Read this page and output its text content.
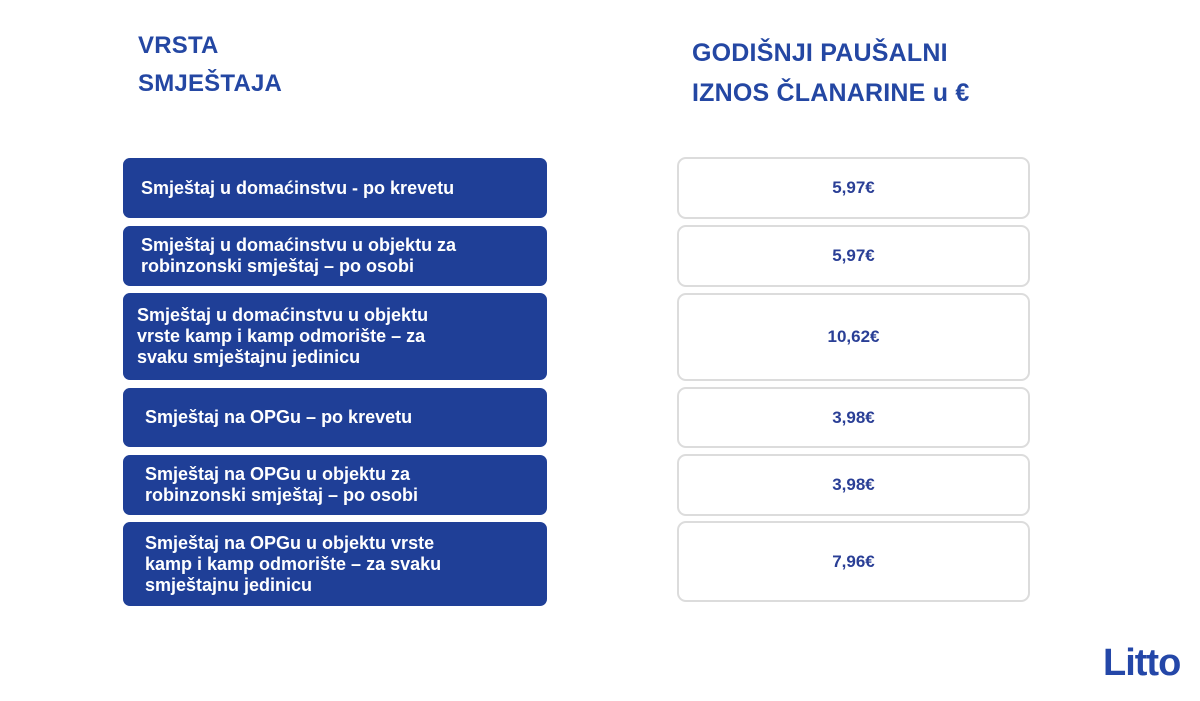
VRSTA
SMJEŠTAJA
GODIŠNJI PAUŠALNI
IZNOS ČLANARINE u €
Smještaj u domaćinstvu - po krevetu	5,97€
Smještaj u domaćinstvu u objektu za
robinzonski smještaj – po osobi
5,97€
Smještaj u domaćinstvu u objektu
vrste kamp i kamp odmorište – za
svaku smještajnu jedinicu
10,62€
Smještaj na OPGu – po krevetu	3,98€
Smještaj na OPGu u objektu za
robinzonski smještaj – po osobi
3,98€
Smještaj na OPGu u objektu vrste
kamp i kamp odmorište – za svaku
smještajnu jedinicu
7,96€
Litto
